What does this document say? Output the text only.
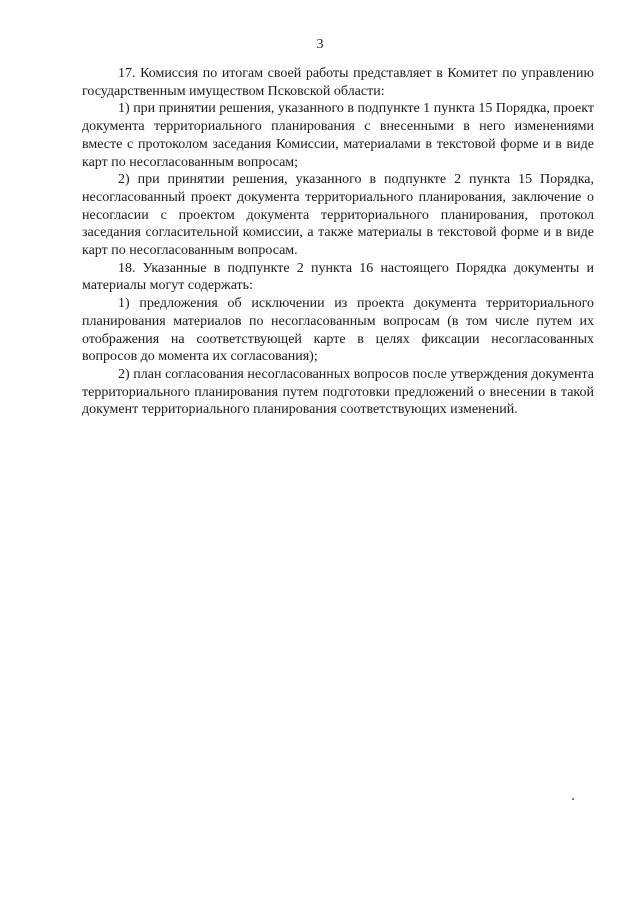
3

17. Комиссия по итогам своей работы представляет в Комитет по управлению государственным имуществом Псковской области:

1) при принятии решения, указанного в подпункте 1 пункта 15 Порядка, проект документа территориального планирования с внесенными в него изменениями вместе с протоколом заседания Комиссии, материалами в текстовой форме и в виде карт по несогласованным вопросам;

2) при принятии решения, указанного в подпункте 2 пункта 15 Порядка, несогласованный проект документа территориального планирования, заключение о несогласии с проектом документа территориального планирования, протокол заседания согласительной комиссии, а также материалы в текстовой форме и в виде карт по несогласованным вопросам.

18. Указанные в подпункте 2 пункта 16 настоящего Порядка документы и материалы могут содержать:

1) предложения об исключении из проекта документа территориального планирования материалов по несогласованным вопросам (в том числе путем их отображения на соответствующей карте в целях фиксации несогласованных вопросов до момента их согласования);

2) план согласования несогласованных вопросов после утверждения документа территориального планирования путем подготовки предложений о внесении в такой документ территориального планирования соответствующих изменений.
